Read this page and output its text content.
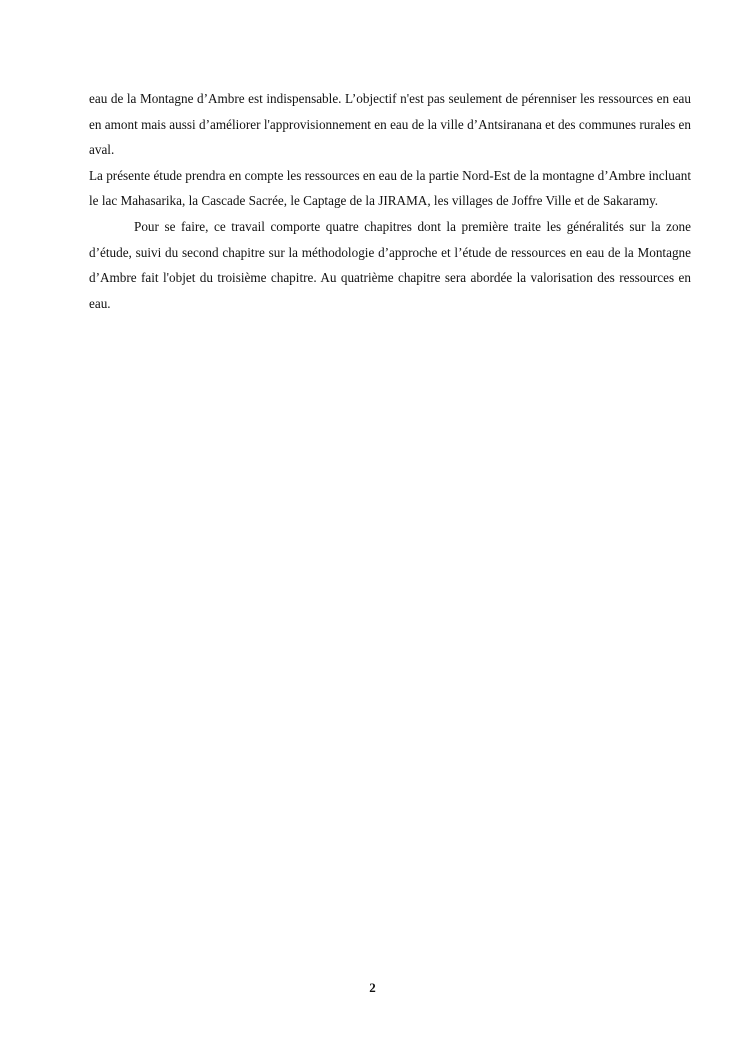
eau de la Montagne d’Ambre est indispensable. L’objectif n'est pas seulement de pérenniser les ressources en eau en amont mais aussi d’améliorer l'approvisionnement en eau de la ville d’Antsiranana et des communes rurales en aval.

La présente étude prendra en compte les ressources en eau de la partie Nord-Est de la montagne d’Ambre incluant le lac Mahasarika, la Cascade Sacrée, le Captage de la JIRAMA, les villages de Joffre Ville et de Sakaramy.

Pour se faire, ce travail comporte quatre chapitres dont la première traite les généralités sur la zone d’étude, suivi du second chapitre sur la méthodologie d’approche et l’étude de ressources en eau de la Montagne d’Ambre fait l'objet du troisième chapitre. Au quatrième chapitre sera abordée la valorisation des ressources en eau.

2
